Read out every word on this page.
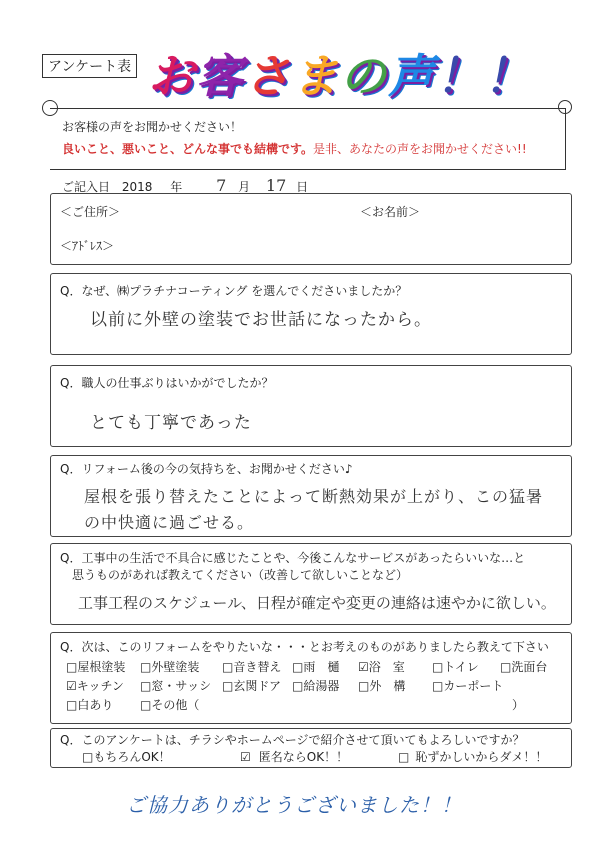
アンケート表 お客さまの声！！
お客様の声をお聞かせください！
良いこと、悪いこと、どんな事でも結構です。是非、あなたの声をお聞かせください!!
ご記入日 2018 年 7 月 17 日
＜ご住所＞	＜お名前＞
＜ｱﾄﾞﾚｽ＞
Q．なぜ、㈱プラチナコーティング を選んでくださいましたか？
以前に外壁の塗装でお世話になったから。
Q．職人の仕事ぶりはいかがでしたか？
とても丁寧であった
Q．リフォーム後の今の気持ちを、お聞かせください♪
屋根を張り替えたことによって断熱効果が上がり、この猛暑
の中快適に過ごせる。
Q．工事中の生活で不具合に感じたことや、今後こんなサービスがあったらいいな…と
思うものがあれば教えてください（改善して欲しいことなど）
工事工程のスケジュール、日程が確定や変更の連絡は速やかに欲しい。
Q．次は、このリフォームをやりたいな・・・とお考えのものがありましたら教えて下さい
□屋根塗装 □外壁塗装 □音き替え □雨　樋 ☑浴　室 □トイレ □洗面台
☑キッチン □窓・サッシ □玄関ドア □給湯器 □外　構 □カーポート
□白あり □その他（	）
Q．このアンケートは、チラシやホームページで紹介させて頂いてもよろしいですか？
□もちろんOK！	☑ 匿名ならOK！！	□ 恥ずかしいからダメ！！
ご協力ありがとうございました！！
